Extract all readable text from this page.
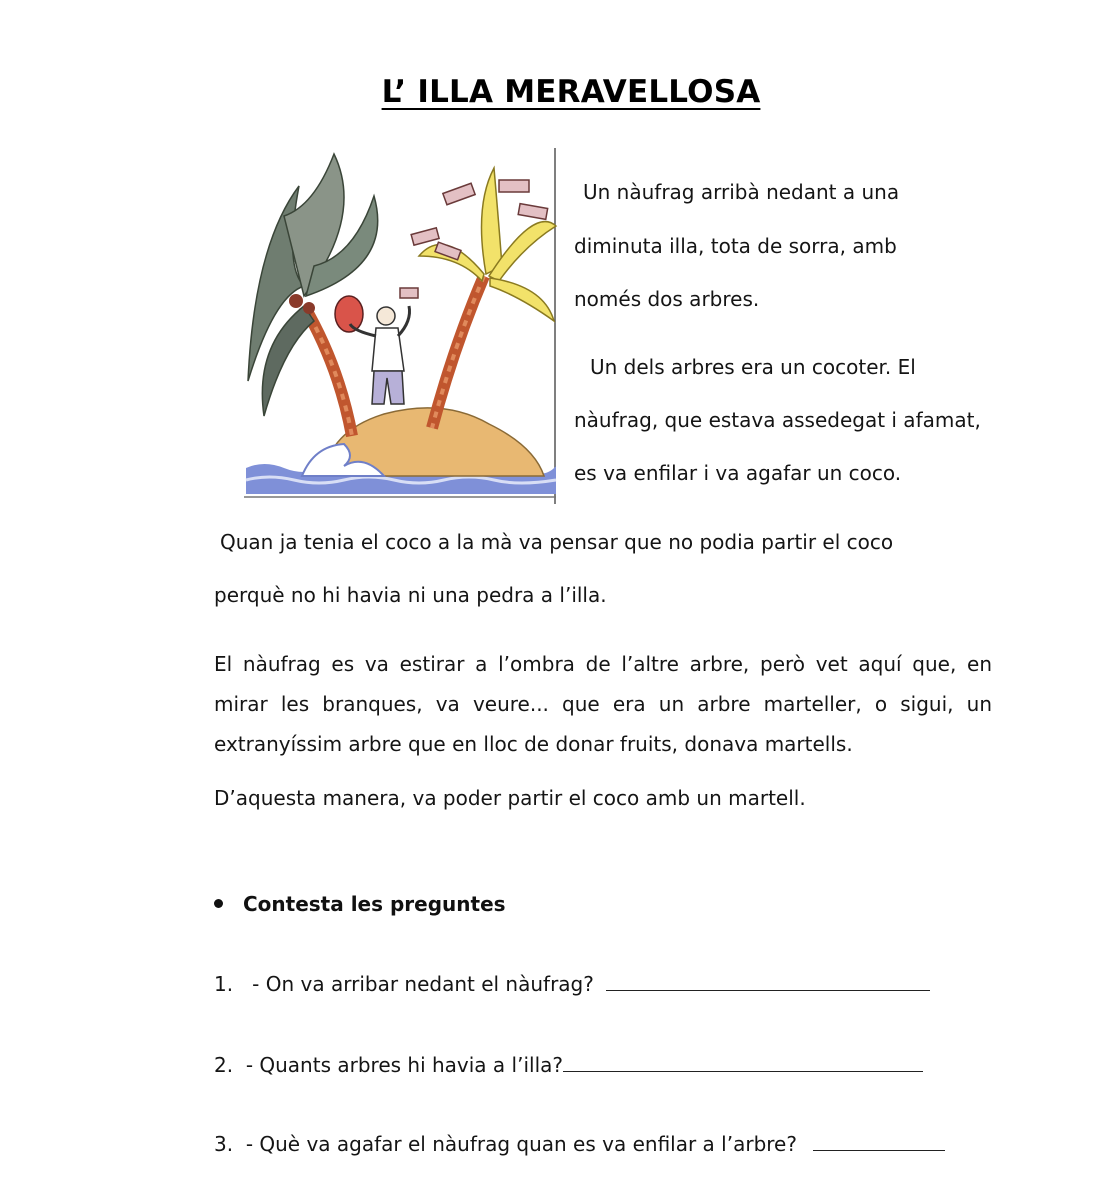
L’ ILLA MERAVELLOSA
Un nàufrag arribà nedant a una
diminuta illa, tota de sorra, amb
només dos arbres.
Un dels arbres era un cocoter. El
nàufrag, que estava assedegat i afamat,
es va enfilar i va agafar un coco.
Quan ja tenia el coco a la mà va pensar que no podia partir el coco
perquè no hi havia ni una pedra a l’illa.
El nàufrag es va estirar a l’ombra de l’altre arbre, però vet aquí que, en
mirar les branques, va veure... que era un arbre marteller, o sigui, un
extranyíssim arbre que en lloc de donar fruits, donava martells.
D’aquesta manera, va poder partir el coco amb un martell.
Contesta les preguntes
1. - On va arribar nedant el nàufrag?
2. - Quants arbres hi havia a l’illa?
3. - Què va agafar el nàufrag quan es va enfilar a l’arbre?
